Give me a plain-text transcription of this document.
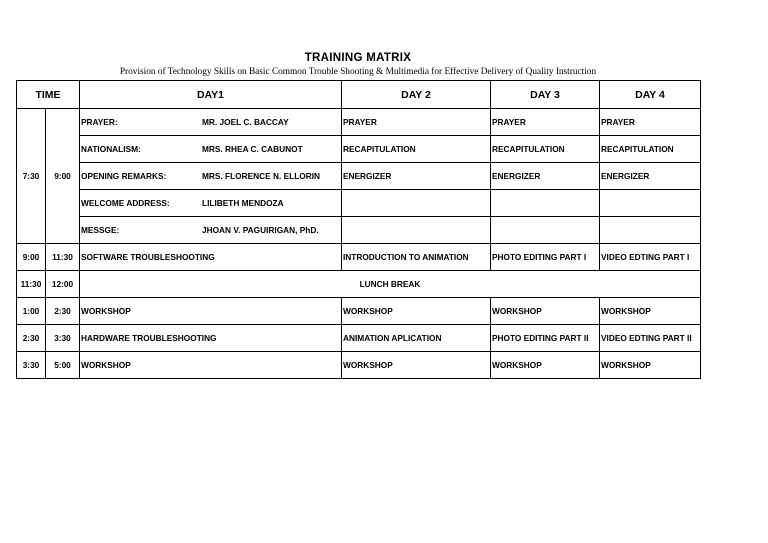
TRAINING MATRIX
Provision of Technology Skills on Basic Common Trouble Shooting & Multimedia for Effective Delivery of Quality Instruction
TIME		DAY1	DAY 2	DAY 3	DAY 4
7:30	9:00	PRAYER: MR. JOEL C. BACCAY	PRAYER	PRAYER	PRAYER
		NATIONALISM: MRS. RHEA C. CABUNOT	RECAPITULATION	RECAPITULATION	RECAPITULATION
		OPENING REMARKS: MRS. FLORENCE N. ELLORIN	ENERGIZER	ENERGIZER	ENERGIZER
		WELCOME ADDRESS: LILIBETH MENDOZA			
		MESSGE: JHOAN V. PAGUIRIGAN, PhD.			
9:00	11:30	SOFTWARE TROUBLESHOOTING	INTRODUCTION TO ANIMATION	PHOTO EDITING PART I	VIDEO EDTING PART I
11:30	12:00	LUNCH BREAK			
1:00	2:30	WORKSHOP	WORKSHOP	WORKSHOP	WORKSHOP
2:30	3:30	HARDWARE TROUBLESHOOTING	ANIMATION APLICATION	PHOTO EDITING PART II	VIDEO EDTING PART II
3:30	5:00	WORKSHOP	WORKSHOP	WORKSHOP	WORKSHOP
